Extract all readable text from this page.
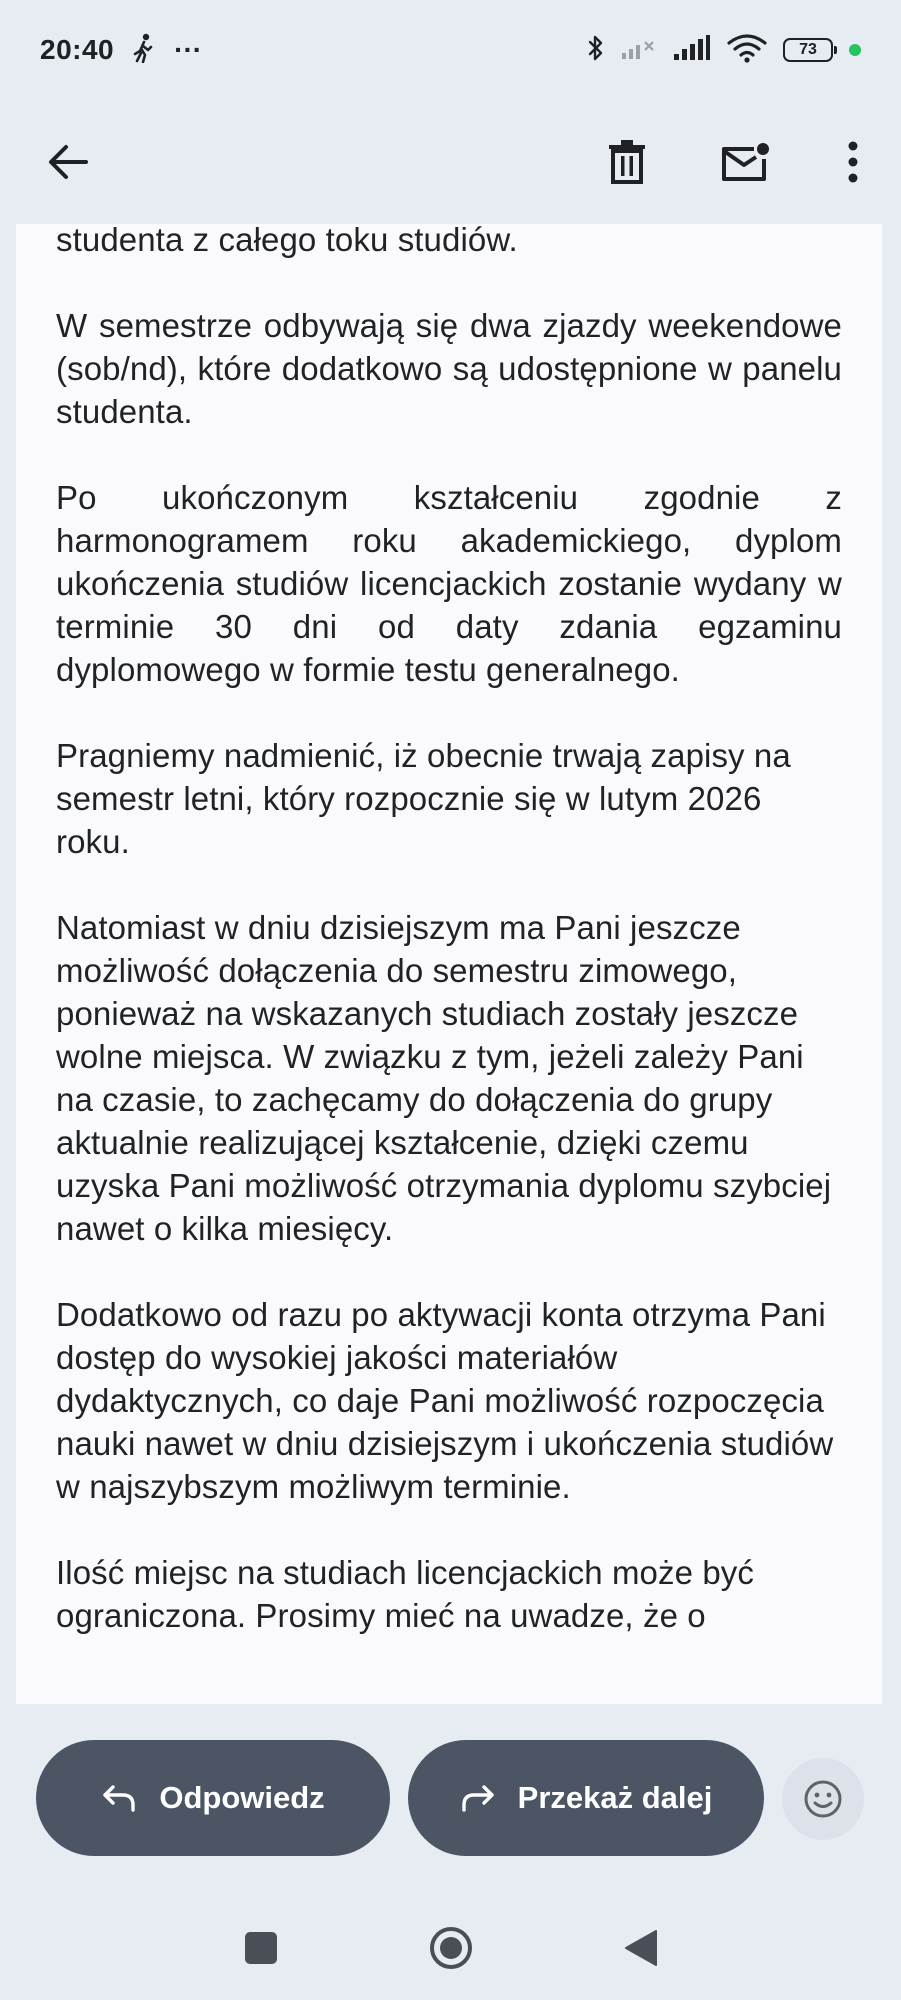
20:40 ···	73

studenta z całego toku studiów.

W semestrze odbywają się dwa zjazdy weekendowe (sob/nd), które dodatkowo są udostępnione w panelu studenta.

Po ukończonym kształceniu zgodnie z harmonogramem roku akademickiego, dyplom ukończenia studiów licencjackich zostanie wydany w terminie 30 dni od daty zdania egzaminu dyplomowego w formie testu generalnego.

Pragniemy nadmienić, iż obecnie trwają zapisy na semestr letni, który rozpocznie się w lutym 2026 roku.

Natomiast w dniu dzisiejszym ma Pani jeszcze możliwość dołączenia do semestru zimowego, ponieważ na wskazanych studiach zostały jeszcze wolne miejsca. W związku z tym, jeżeli zależy Pani na czasie, to zachęcamy do dołączenia do grupy aktualnie realizującej kształcenie, dzięki czemu uzyska Pani możliwość otrzymania dyplomu szybciej nawet o kilka miesięcy.

Dodatkowo od razu po aktywacji konta otrzyma Pani dostęp do wysokiej jakości materiałów dydaktycznych, co daje Pani możliwość rozpoczęcia nauki nawet w dniu dzisiejszym i ukończenia studiów w najszybszym możliwym terminie.

Ilość miejsc na studiach licencjackich może być ograniczona. Prosimy mieć na uwadze, że o

Odpowiedz	Przekaż dalej
